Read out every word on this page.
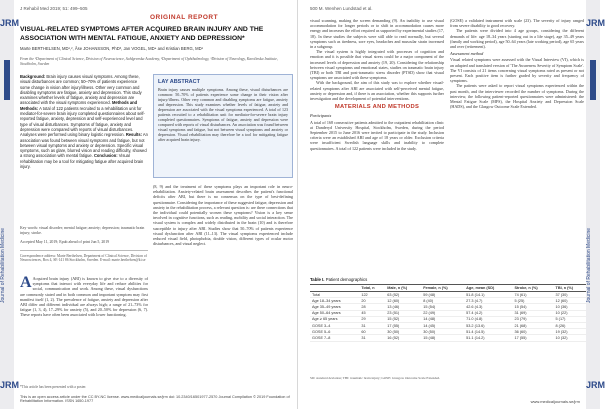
JRM
Journal of Rehabilitation Medicine
JRM
J Rehabil Med 2019; 51: 499–505
ORIGINAL REPORT
VISUAL-RELATED SYMPTOMS AFTER ACQUIRED BRAIN INJURY AND THE ASSOCIATION WITH MENTAL FATIGUE, ANXIETY AND DEPRESSION*
Marte BERTHELSEN, MD¹,², Åse JOHANSSON, PhD³, Jan VOGEL, MD⁴ and Kristian BERG, MD¹
From the ¹Department of Clinical Science, Division of Neuroscience, Sahlgrenska Academy, ²Department of Ophthalmology, ³Division of Neurology, Karolinska Institute, Stockholm, Sweden
Background: Brain injury causes visual symptoms. Among these, visual disturbances are common; 50–70% of patients experience some change in vision after injury/illness. Other very common and disabling symptoms are fatigue, anxiety and depression. This study examines whether levels of fatigue, anxiety and depression are associated with the visual symptoms experienced. Methods and Methods: A total of 122 patients recruited to a rehabilitation unit for mediator-for-severe brain injury completed questionnaires about self-reported fatigue, anxiety, depression and self-experienced level and type of visual disturbances. Symptoms of fatigue, anxiety and depression were compared with reports of visual disturbances. Analyses were performed using binary logistic regression. Results: An association was found between visual symptoms and fatigue, but not between visual symptoms and anxiety or depression. Specific visual symptoms, such as glare, blurred vision and reading difficulty, showed a strong association with mental fatigue. Conclusion: Visual rehabilitation may be a tool for mitigating fatigue after acquired brain injury.
Key words: visual disorder; mental fatigue; anxiety; depression; traumatic brain injury; stroke.
Accepted May 11, 2019; Epub ahead of print Jun 5, 2019
Correspondence address: Marte Berthelsen, Department of Clinical Science, Division of Neurosciences, Box 4, SE-141 86 Stockholm, Sweden. E-mail: marte.berthelsen@ki.se
A Acquired brain injury (ABI) is known to give rise to a diversity of symptoms that interact with everyday life and reduce abilities for social, communication and work. Among these, visual dysfunctions are commonly stated and in both common and important symptom may first manifest itself (1, 2). The prevalence of fatigue, anxiety and depression after ABI differ and different individual are always high; a range of 21–73% for fatigue (1, 3, 4), 17–29% for anxiety (5), and 20–50% for depression (6, 7). These reports have often been associated with lower functioning.
LAY ABSTRACT
Brain injury causes multiple symptoms. Among these, visual disturbances are common: 50–70% of patients experience some change in their vision after injury/illness. Other very common and disabling symptoms are fatigue, anxiety and depression. This study examines whether levels of fatigue, anxiety and depression are associated with the visual symptoms experienced. A total of 123 patients recruited to a rehabilitation unit for mediator-for-severe brain injury completed questionnaires. Symptoms of fatigue, anxiety and depression were compared with reports of visual disturbances. An association was found between visual symptoms and fatigue, but not between visual symptoms and anxiety or depression. Visual rehabilitation may therefore be a tool for mitigating fatigue after acquired brain injury.
(8, 9) and the treatment of these symptoms plays an important role in neuro-rehabilitation. Anxiety-related brain assessment describes the patient's functional deficits after ABI, but there is no consensus on the type of best-defining questionnaire. Considering the importance of these suggested fatigue, depression and anxiety in the rehabilitation process, a relevant question is: are there connections that the individual could potentially worsen these symptoms? Vision is a key sense involved in cognitive functions, such as reading, mobility and social interaction. The visual system is complex and widely distributed in the brain (10) and is therefore susceptible to injury after ABI. Studies show that 50–70% of patients experience visual dysfunction after ABI (11–13). The visual symptoms experienced include reduced visual field, photophobia, double vision, different types of ocular motor disturbances, and visual neglect.
*This article has been presented with a poster.
This is an open access article under the CC BY-NC license. www.medicaljournals.se/jrm doi: 10.2340/16501977-2570 Journal Compilation © 2019 Foundation of Rehabilitation Information. ISSN 1650-1977
JRM
Journal of Rehabilitation Medicine
JRM
500 M. Wenhen Lundstad et al.

visual scanning, making the screen demanding (9). An inability to use visual accommodation for longer periods or to shift in accommodation causes more energy and increases the effort required as supported by experimental studies (17, 18). In these studies the subjects were still able to read normally, but several symptoms such as tiredness, sore eyes, headaches and muscular strain increased in a subgroup.

The visual system is highly integrated with processes of cognition and emotion and it is possible that visual stress could be a major component of the increased levels of depression and anxiety (19, 20). Considering the relationship between visual symptoms and emotional states, studies on traumatic brain injury (TBI) or both TBI and post-traumatic stress disorder (PTSD) show that visual symptoms are associated with these symptoms.

With the background, the aim of this study was to explore whether visual-related symptoms after ABI are associated with self-perceived mental fatigue, anxiety or depression and, if there is an association, whether this supports further investigation and the development of potential interventions.

MATERIALS AND METHODS
Participants

A total of 168 consecutive patients admitted to the outpatient rehabilitation clinic at Danderyd University Hospital, Stockholm, Sweden, during the period September 2015 to June 2016 were invited to participate in the study. Inclusion criteria were an established ABI and age of 18 years or older. Exclusion criteria were insufficient Swedish language skills and inability to complete questionnaires. A total of 122 patients were included in the study.

(GOSE) a validated instrument with scale (23). The severity of injury ranged from severe disability to good recovery.

The patients were divided into 4 age groups, considering the different demands of life: age 18–34 years (starting out in a life stage), age 35–49 years (family and working period), age 50–64 years (late working period), age 65 years and over (retirement).

Assessment method

Visual related symptoms were assessed with the Visual Interview (VI), which is an adapted and translated version of 'The Awareness Severity of Symptom Scale'. The VI consists of 21 items concerning visual symptoms rated as present or not present. Each positive item is further graded by severity and frequency of symptoms.

The patients were asked to report visual symptoms experienced within the past month, and the interviewer recorded the number of symptoms. During the interview, the following patient-reported questionnaires were administered: the Mental Fatigue Scale (MFS), the Hospital Anxiety and Depression Scale (HADS), and the Glasgow Outcome Scale Extended.

Table I. Patient demographics
	Total, n	Male, n (%)	Female, n (%)	Age, mean (SD)	Stroke, n (%)	TBI, n (%)
Total	122	63 (52)	59 (48)	51.8 (14.1)	74 (61)	37 (30)
Age 18–34 years	20	12 (60)	8 (40)	27.3 (4.7)	5 (25)	12 (60)
Age 35–49 years	28	13 (46)	15 (54)	42.6 (4.3)	15 (54)	10 (36)
Age 50–64 years	45	23 (51)	22 (49)	57.4 (4.2)	31 (69)	10 (22)
Age ≥ 65 years	29	15 (52)	14 (48)	71.0 (4.8)	23 (79)	5 (17)
GOSE 3–4	31	17 (55)	14 (45)	53.2 (13.6)	21 (68)	8 (26)
GOSE 5–6	60	30 (50)	30 (50)	51.4 (14.5)	36 (60)	19 (32)
GOSE 7–8	31	16 (52)	15 (48)	51.1 (14.2)	17 (55)	10 (32)
SD: standard deviation; TBI: traumatic brain injury; GOSE: Glasgow Outcome Scale Extended.
www.medicaljournals.se/jrm
